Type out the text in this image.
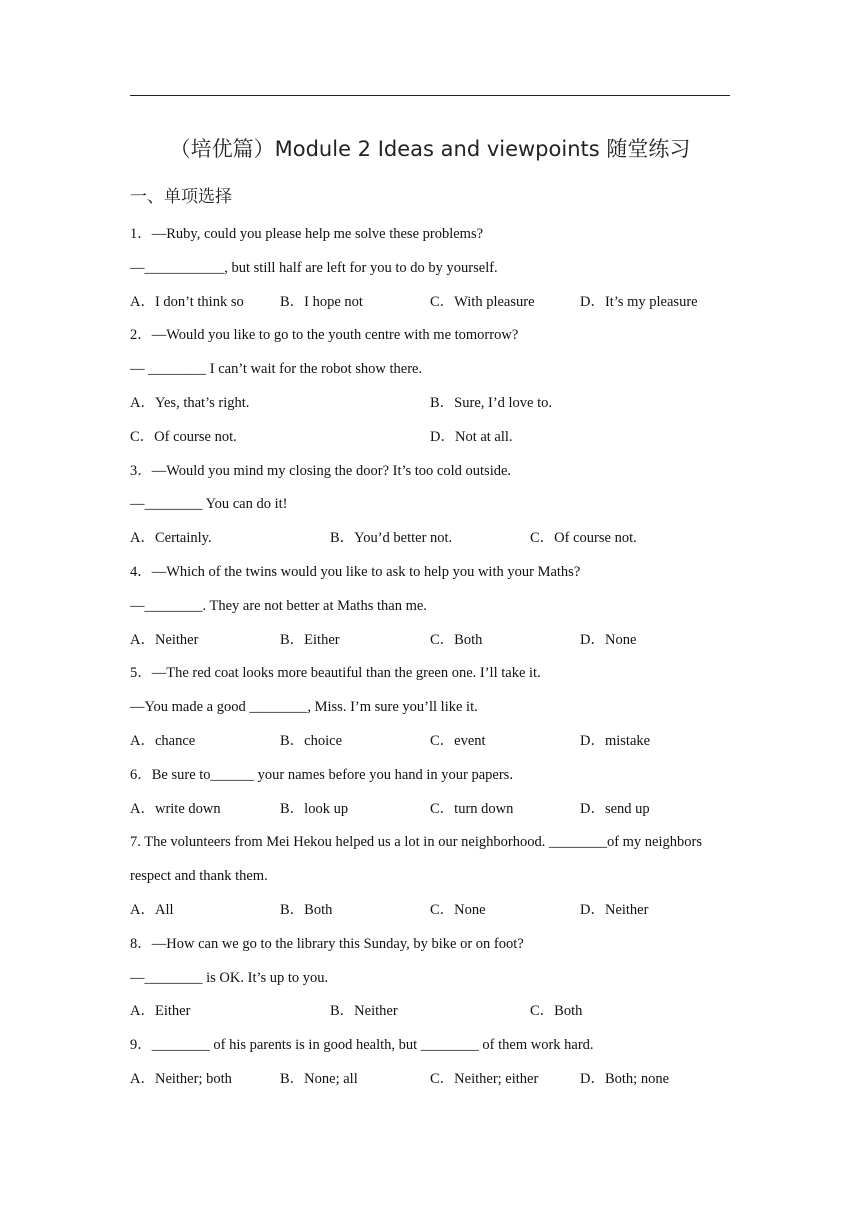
（培优篇）Module 2 Ideas and viewpoints 随堂练习
一、单项选择
1．—Ruby, could you please help me solve these problems?
—___________, but still half are left for you to do by yourself.
A．I don’t think so	B．I hope not	C．With pleasure	D．It’s my pleasure
2．—Would you like to go to the youth centre with me tomorrow?
— ________ I can’t wait for the robot show there.
A．Yes, that’s right.	B．Sure, I’d love to.
C．Of course not.	D．Not at all.
3．—Would you mind my closing the door? It’s too cold outside.
—________ You can do it!
A．Certainly.	B．You’d better not.	C．Of course not.
4．—Which of the twins would you like to ask to help you with your Maths?
—________. They are not better at Maths than me.
A．Neither	B．Either	C．Both	D．None
5．—The red coat looks more beautiful than the green one. I’ll take it.
—You made a good ________, Miss. I’m sure you’ll like it.
A．chance	B．choice	C．event	D．mistake
6．Be sure to______ your names before you hand in your papers.
A．write down	B．look up	C．turn down	D．send up
7. The volunteers from Mei Hekou helped us a lot in our neighborhood. ________of my neighbors
respect and thank them.
A．All	B．Both	C．None	D．Neither
8．—How can we go to the library this Sunday, by bike or on foot?
—________ is OK. It’s up to you.
A．Either	B．Neither	C．Both
9．________ of his parents is in good health, but ________ of them work hard.
A．Neither; both	B．None; all	C．Neither; either	D．Both; none
